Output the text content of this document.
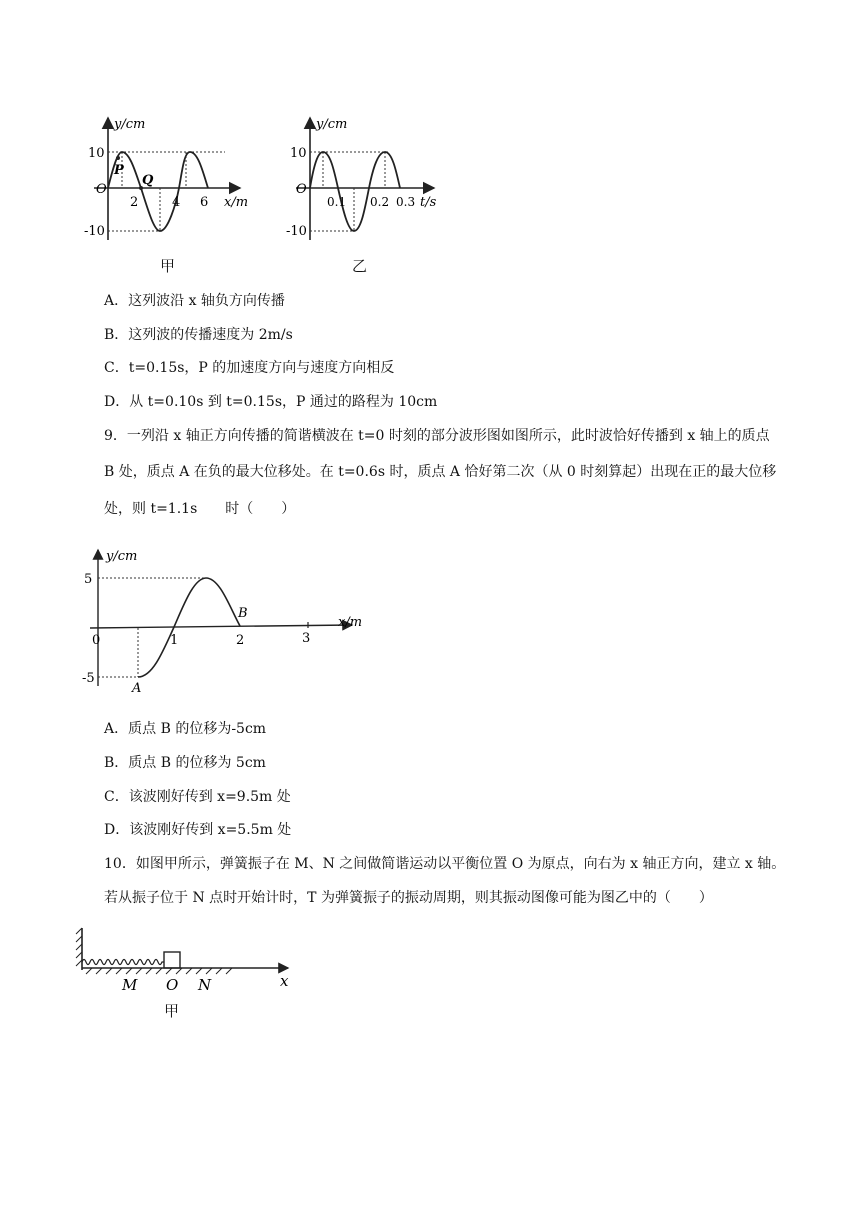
y/cm
x/m
O
10
-10
2	4 6
P
Q
甲
y/cm
t/s
O
10
-10
0.1 0.2 0.3
乙
A．这列波沿 x 轴负方向传播
B．这列波的传播速度为 2m/s
C．t=0.15s，P 的加速度方向与速度方向相反
D．从 t=0.10s 到 t=0.15s，P 通过的路程为 10cm
9．一列沿 x 轴正方向传播的简谐横波在 t=0 时刻的部分波形图如图所示，此时波恰好传播到 x 轴上的质点
B 处，质点 A 在负的最大位移处。在 t=0.6s 时，质点 A 恰好第二次（从 0 时刻算起）出现在正的最大位移
处，则 t=1.1s　　时（　　）
y/cm
x/m
0
5
-5
1	2	3
A
B
A．质点 B 的位移为-5cm
B．质点 B 的位移为 5cm
C．该波刚好传到 x=9.5m 处
D．该波刚好传到 x=5.5m 处
10．如图甲所示，弹簧振子在 M、N 之间做简谐运动以平衡位置 O 为原点，向右为 x 轴正方向，建立 x 轴。
若从振子位于 N 点时开始计时，T 为弹簧振子的振动周期，则其振动图像可能为图乙中的（　　）
x
M O N
甲
